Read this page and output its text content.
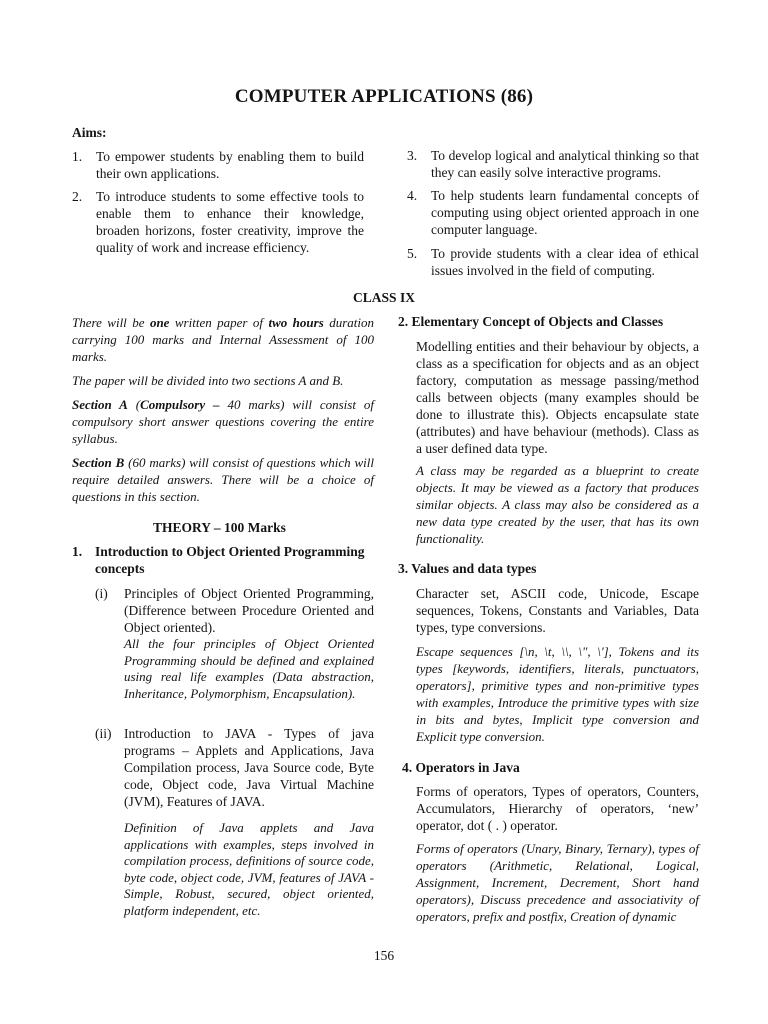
COMPUTER APPLICATIONS (86)
Aims:
1. To empower students by enabling them to build their own applications.
2. To introduce students to some effective tools to enable them to enhance their knowledge, broaden horizons, foster creativity, improve the quality of work and increase efficiency.
3. To develop logical and analytical thinking so that they can easily solve interactive programs.
4. To help students learn fundamental concepts of computing using object oriented approach in one computer language.
5. To provide students with a clear idea of ethical issues involved in the field of computing.
CLASS IX
There will be one written paper of two hours duration carrying 100 marks and Internal Assessment of 100 marks.
The paper will be divided into two sections A and B.
Section A (Compulsory – 40 marks) will consist of compulsory short answer questions covering the entire syllabus.
Section B (60 marks) will consist of questions which will require detailed answers. There will be a choice of questions in this section.
THEORY – 100 Marks
1. Introduction to Object Oriented Programming concepts
(i) Principles of Object Oriented Programming, (Difference between Procedure Oriented and Object oriented).
All the four principles of Object Oriented Programming should be defined and explained using real life examples (Data abstraction, Inheritance, Polymorphism, Encapsulation).
(ii) Introduction to JAVA - Types of java programs – Applets and Applications, Java Compilation process, Java Source code, Byte code, Object code, Java Virtual Machine (JVM), Features of JAVA.
Definition of Java applets and Java applications with examples, steps involved in compilation process, definitions of source code, byte code, object code, JVM, features of JAVA - Simple, Robust, secured, object oriented, platform independent, etc.
2. Elementary Concept of Objects and Classes
Modelling entities and their behaviour by objects, a class as a specification for objects and as an object factory, computation as message passing/method calls between objects (many examples should be done to illustrate this). Objects encapsulate state (attributes) and have behaviour (methods). Class as a user defined data type.
A class may be regarded as a blueprint to create objects. It may be viewed as a factory that produces similar objects. A class may also be considered as a new data type created by the user, that has its own functionality.
3. Values and data types
Character set, ASCII code, Unicode, Escape sequences, Tokens, Constants and Variables, Data types, type conversions.
Escape sequences [\n, \t, \\, \", \'], Tokens and its types [keywords, identifiers, literals, punctuators, operators], primitive types and non-primitive types with examples, Introduce the primitive types with size in bits and bytes, Implicit type conversion and Explicit type conversion.
4. Operators in Java
Forms of operators, Types of operators, Counters, Accumulators, Hierarchy of operators, ‘new’ operator, dot ( . ) operator.
Forms of operators (Unary, Binary, Ternary), types of operators (Arithmetic, Relational, Logical, Assignment, Increment, Decrement, Short hand operators), Discuss precedence and associativity of operators, prefix and postfix, Creation of dynamic
156
